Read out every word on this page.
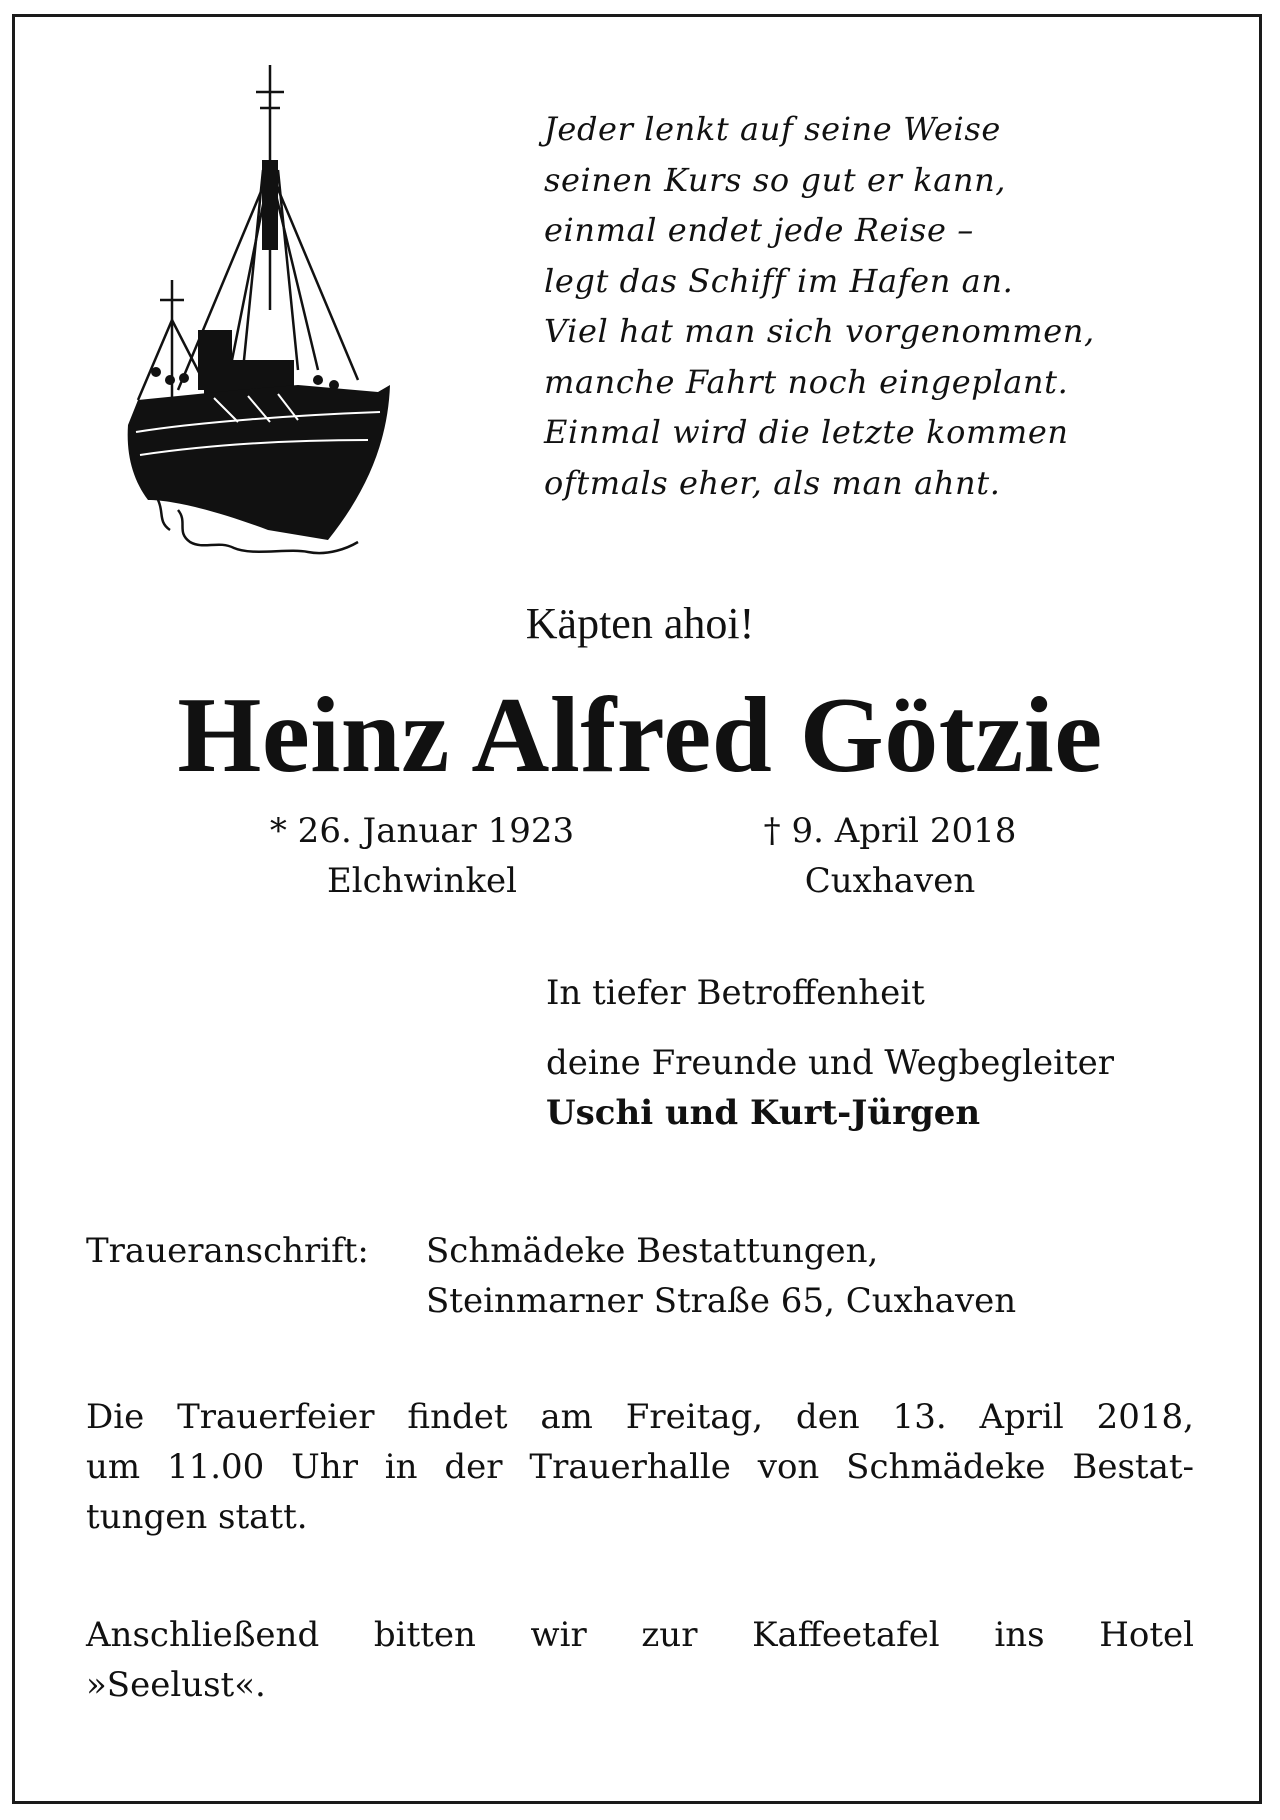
Jeder lenkt auf seine Weise
seinen Kurs so gut er kann,
einmal endet jede Reise –
legt das Schiff im Hafen an.
Viel hat man sich vorgenommen,
manche Fahrt noch eingeplant.
Einmal wird die letzte kommen
oftmals eher, als man ahnt.
Käpten ahoi!
Heinz Alfred Götzie
* 26. Januar 1923
Elchwinkel
† 9. April 2018
Cuxhaven
In tiefer Betroffenheit
deine Freunde und Wegbegleiter
Uschi und Kurt-Jürgen
Traueranschrift: Schmädeke Bestattungen,
Steinmarner Straße 65, Cuxhaven
Die Trauerfeier findet am Freitag, den 13. April 2018,
um 11.00 Uhr in der Trauerhalle von Schmädeke Bestat-
tungen statt.
Anschließend bitten wir zur Kaffeetafel ins Hotel
»Seelust«.
